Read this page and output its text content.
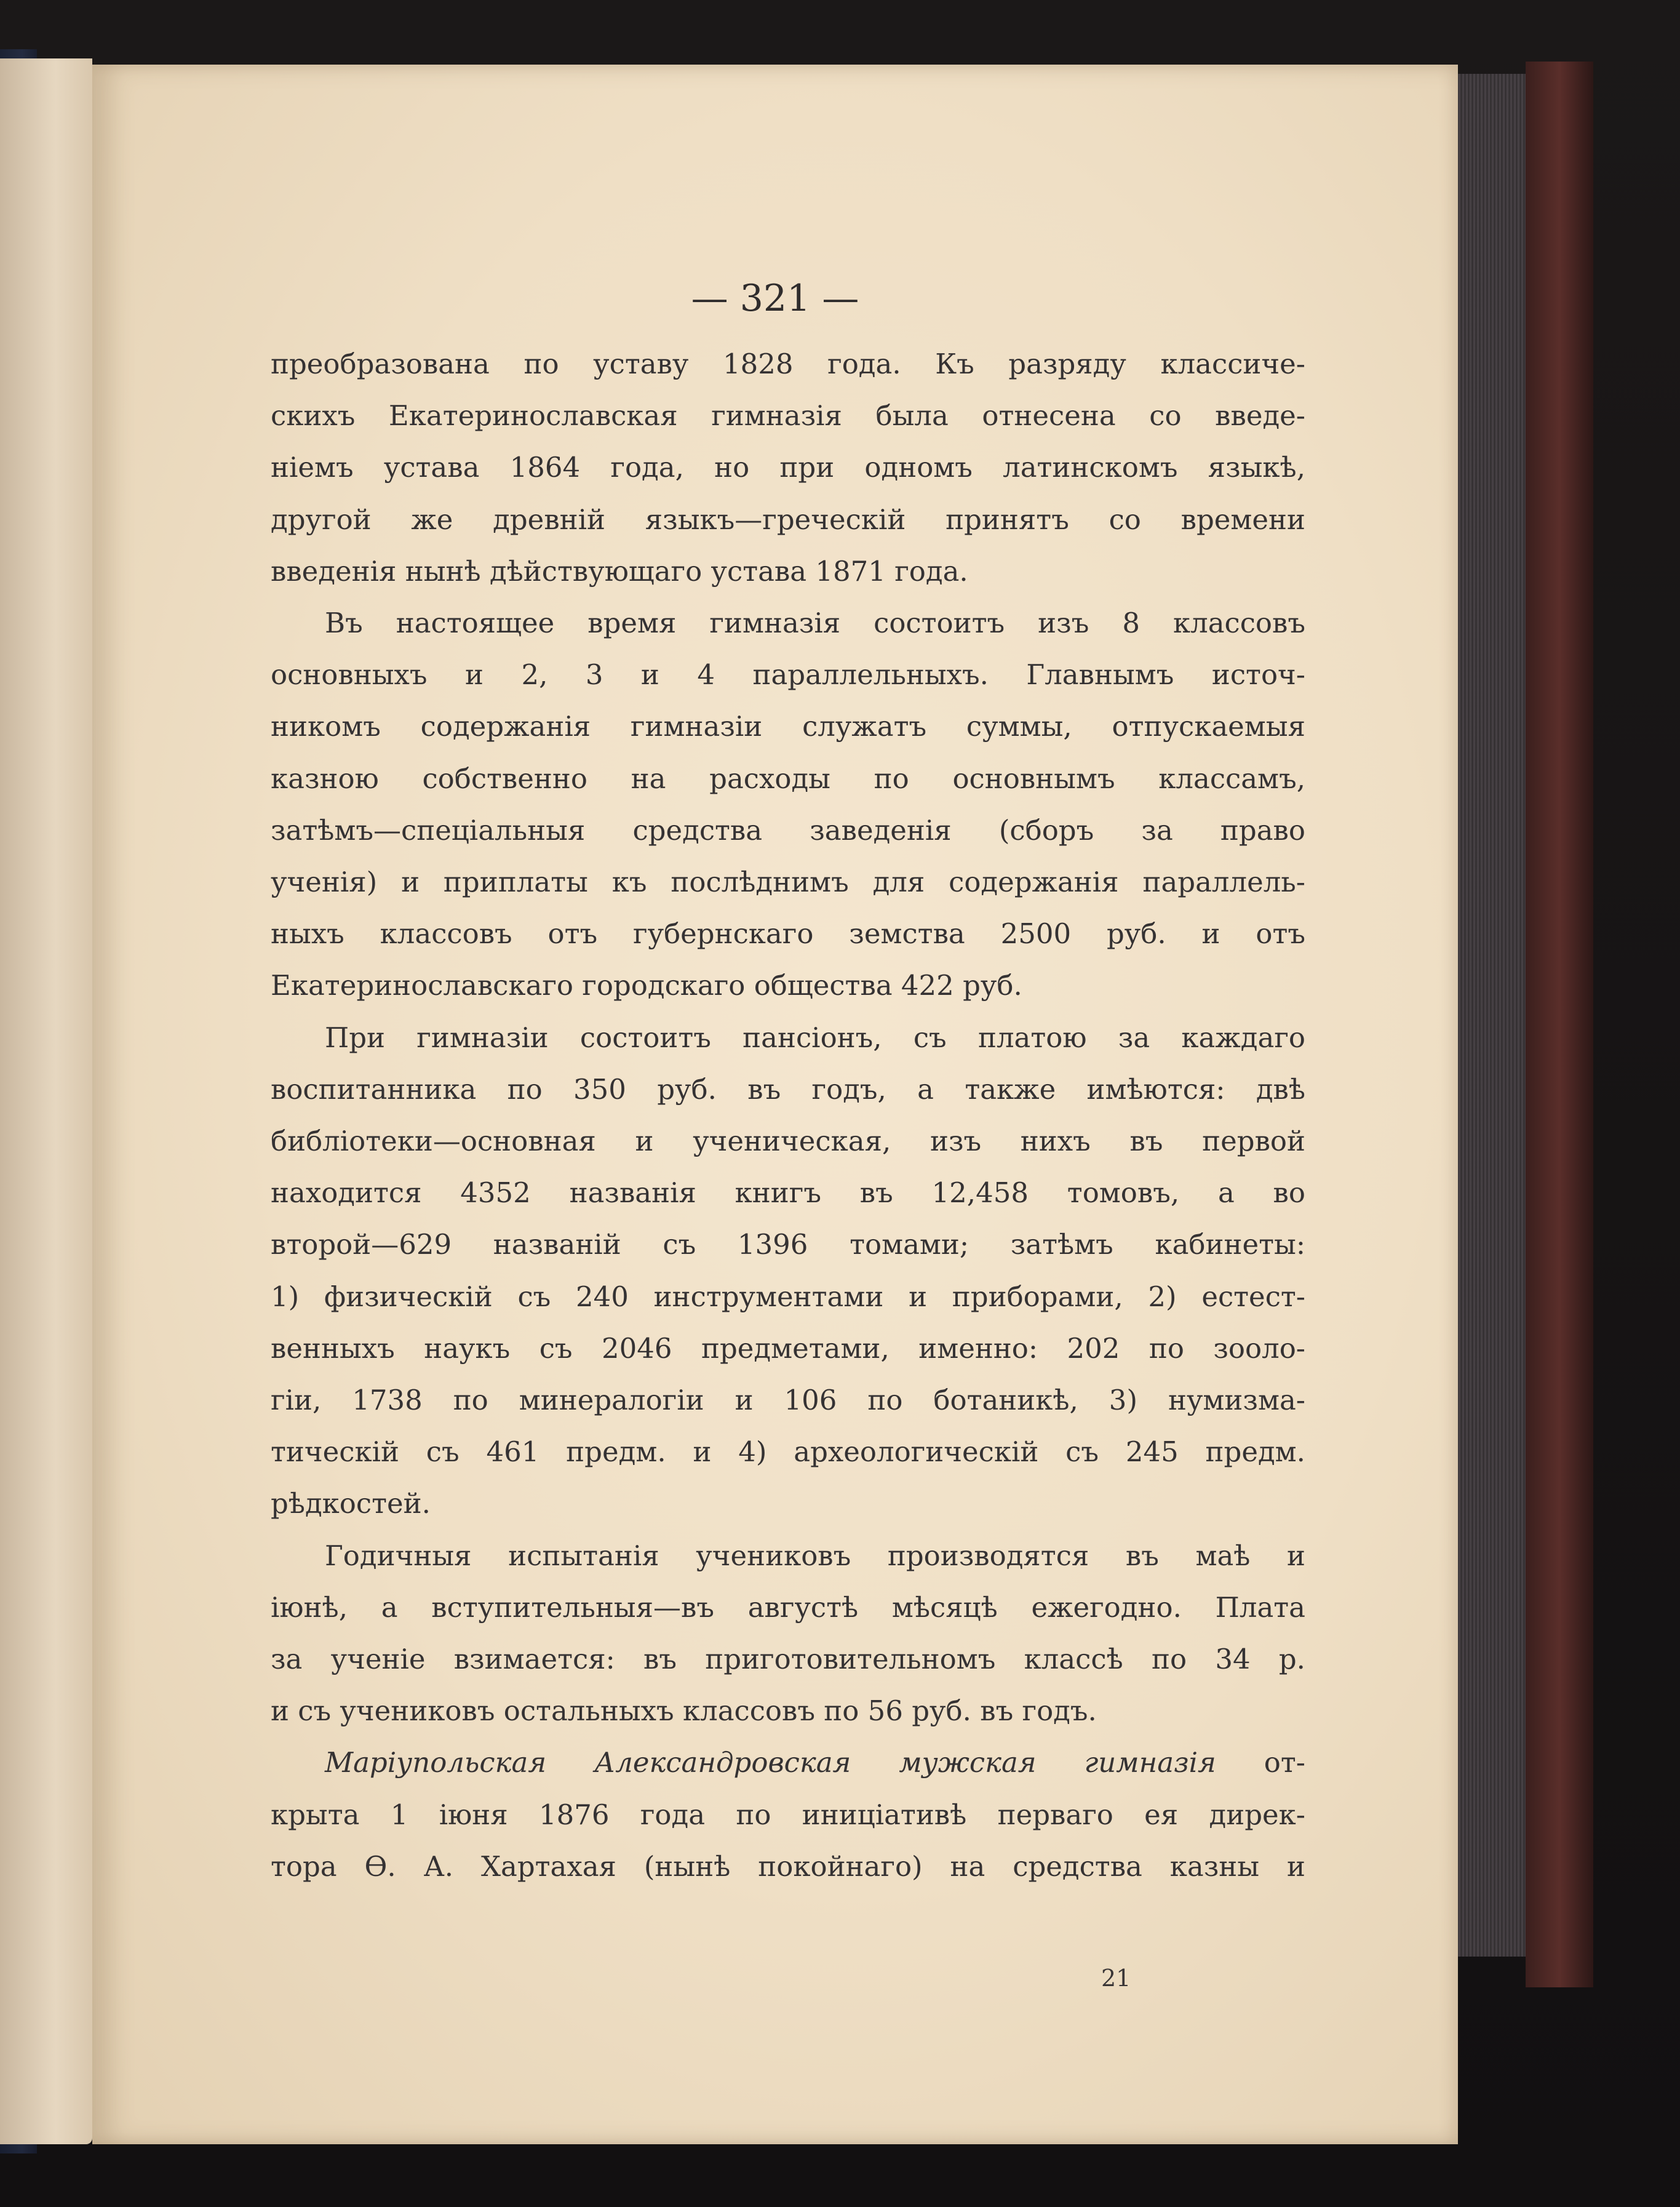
— 321 —
преобразована по уставу 1828 года. Къ разряду классиче-
скихъ Екатеринославская гимназія была отнесена со введе-
ніемъ устава 1864 года, но при одномъ латинскомъ языкѣ,
другой же древній языкъ—греческій принятъ со времени
введенія нынѣ дѣйствующаго устава 1871 года.
Въ настоящее время гимназія состоитъ изъ 8 классовъ
основныхъ и 2, 3 и 4 параллельныхъ. Главнымъ источ-
никомъ содержанія гимназіи служатъ суммы, отпускаемыя
казною собственно на расходы по основнымъ классамъ,
затѣмъ—спеціальныя средства заведенія (сборъ за право
ученія) и приплаты къ послѣднимъ для содержанія параллель-
ныхъ классовъ отъ губернскаго земства 2500 руб. и отъ
Екатеринославскаго городскаго общества 422 руб.
При гимназіи состоитъ пансіонъ, съ платою за каждаго
воспитанника по 350 руб. въ годъ, а также имѣются: двѣ
библіотеки—основная и ученическая, изъ нихъ въ первой
находится 4352 названія книгъ въ 12,458 томовъ, а во
второй—629 названій съ 1396 томами; затѣмъ кабинеты:
1) физическій съ 240 инструментами и приборами, 2) естест-
венныхъ наукъ съ 2046 предметами, именно: 202 по зооло-
гіи, 1738 по минералогіи и 106 по ботаникѣ, 3) нумизма-
тическій съ 461 предм. и 4) археологическій съ 245 предм.
рѣдкостей.
Годичныя испытанія учениковъ производятся въ маѣ и
іюнѣ, а вступительныя—въ августѣ мѣсяцѣ ежегодно. Плата
за ученіе взимается: въ приготовительномъ классѣ по 34 р.
и съ учениковъ остальныхъ классовъ по 56 руб. въ годъ.
Маріупольская Александровская мужская гимназія от-
крыта 1 іюня 1876 года по иниціативѣ перваго ея дирек-
тора Ѳ. А. Хартахая (нынѣ покойнаго) на средства казны и
21
